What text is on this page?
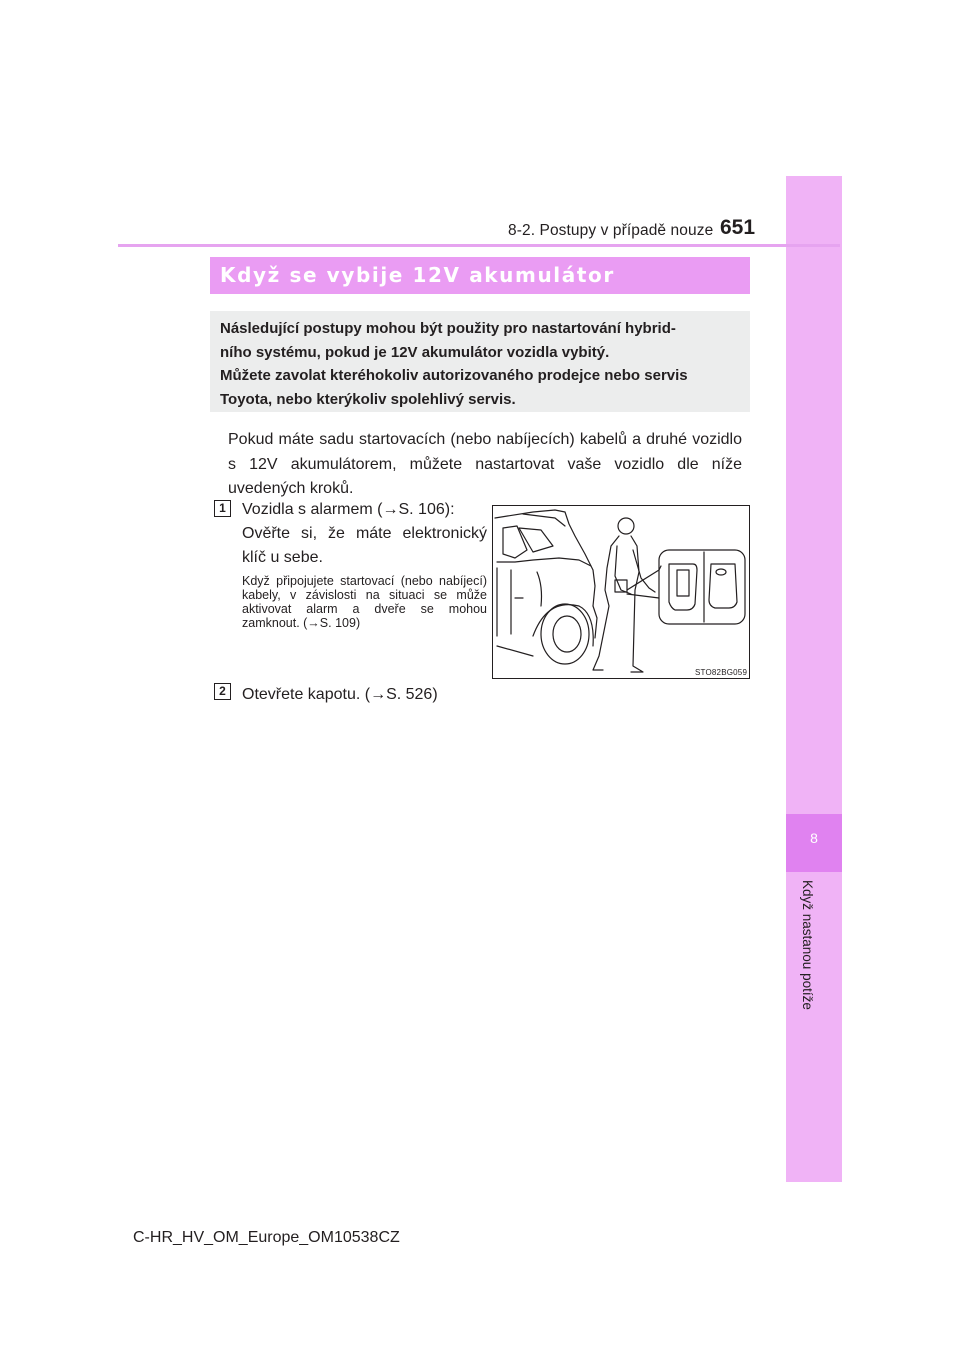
8
Když nastanou potíže
8-2. Postupy v případě nouze 651
Když se vybije 12V akumulátor

Následující postupy mohou být použity pro nastartování hybrid-

ního systému, pokud je 12V akumulátor vozidla vybitý.

Můžete zavolat kteréhokoliv autorizovaného prodejce nebo servis

Toyota, nebo kterýkoliv spolehlivý servis.

Pokud máte sadu startovacích (nebo nabíjecích) kabelů a druhé vozidlo s 12V akumulátorem, můžete nastartovat vaše vozidlo dle níže uvedených kroků.

1	Vozidla s alarmem (→S. 106):
Ověřte si, že máte elektronický
klíč u sebe.

Když připojujete startovací (nebo nabíjecí) kabely, v závislosti na situaci se může aktivovat alarm a dveře se mohou zamknout. (→S. 109)

STO82BG059
2	Otevřete kapotu. (→S. 526)
C-HR_HV_OM_Europe_OM10538CZ
